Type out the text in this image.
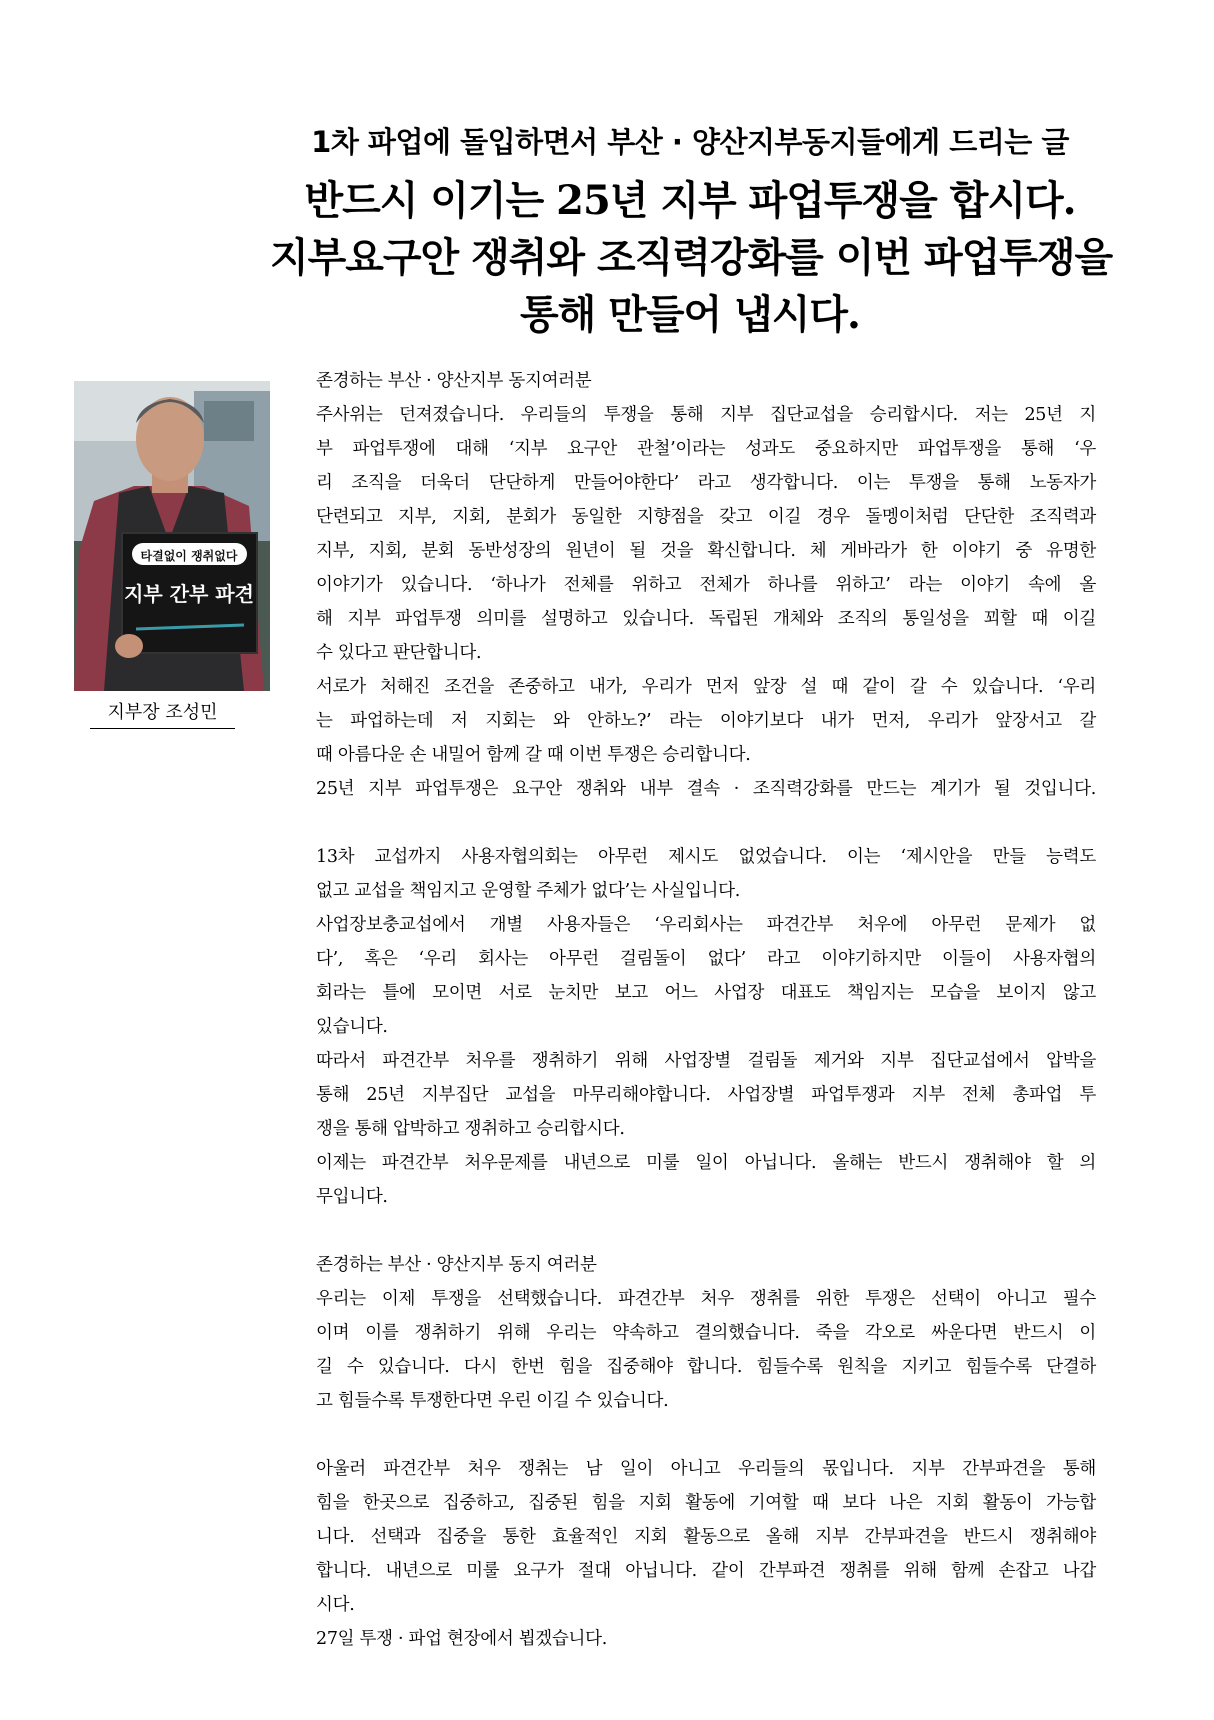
1차 파업에 돌입하면서 부산 · 양산지부동지들에게 드리는 글
반드시 이기는 25년 지부 파업투쟁을 합시다.
지부요구안 쟁취와 조직력강화를 이번 파업투쟁을
통해 만들어 냅시다.
타결없이 쟁취없다
지부 간부 파견
지부장 조성민
존경하는 부산 · 양산지부 동지여러분
주사위는 던져졌습니다. 우리들의 투쟁을 통해 지부 집단교섭을 승리합시다. 저는 25년 지
부 파업투쟁에 대해 ‘지부 요구안 관철’이라는 성과도 중요하지만 파업투쟁을 통해 ‘우
리 조직을 더욱더 단단하게 만들어야한다’ 라고 생각합니다. 이는 투쟁을 통해 노동자가
단련되고 지부, 지회, 분회가 동일한 지향점을 갖고 이길 경우 돌멩이처럼 단단한 조직력과
지부, 지회, 분회 동반성장의 원년이 될 것을 확신합니다. 체 게바라가 한 이야기 중 유명한
이야기가 있습니다. ‘하나가 전체를 위하고 전체가 하나를 위하고’ 라는 이야기 속에 올
해 지부 파업투쟁 의미를 설명하고 있습니다. 독립된 개체와 조직의 통일성을 꾀할 때 이길
수 있다고 판단합니다.
서로가 처해진 조건을 존중하고 내가, 우리가 먼저 앞장 설 때 같이 갈 수 있습니다. ‘우리
는 파업하는데 저 지회는 와 안하노?’ 라는 이야기보다 내가 먼저, 우리가 앞장서고 갈
때 아름다운 손 내밀어 함께 갈 때 이번 투쟁은 승리합니다.
25년 지부 파업투쟁은 요구안 쟁취와 내부 결속 · 조직력강화를 만드는 계기가 될 것입니다.
13차 교섭까지 사용자협의회는 아무런 제시도 없었습니다. 이는 ‘제시안을 만들 능력도
없고 교섭을 책임지고 운영할 주체가 없다’는 사실입니다.
사업장보충교섭에서 개별 사용자들은 ‘우리회사는 파견간부 처우에 아무런 문제가 없
다’, 혹은 ‘우리 회사는 아무런 걸림돌이 없다’ 라고 이야기하지만 이들이 사용자협의
회라는 틀에 모이면 서로 눈치만 보고 어느 사업장 대표도 책임지는 모습을 보이지 않고
있습니다.
따라서 파견간부 처우를 쟁취하기 위해 사업장별 걸림돌 제거와 지부 집단교섭에서 압박을
통해 25년 지부집단 교섭을 마무리해야합니다. 사업장별 파업투쟁과 지부 전체 총파업 투
쟁을 통해 압박하고 쟁취하고 승리합시다.
이제는 파견간부 처우문제를 내년으로 미룰 일이 아닙니다. 올해는 반드시 쟁취해야 할 의
무입니다.
존경하는 부산 · 양산지부 동지 여러분
우리는 이제 투쟁을 선택했습니다. 파견간부 처우 쟁취를 위한 투쟁은 선택이 아니고 필수
이며 이를 쟁취하기 위해 우리는 약속하고 결의했습니다. 죽을 각오로 싸운다면 반드시 이
길 수 있습니다. 다시 한번 힘을 집중해야 합니다. 힘들수록 원칙을 지키고 힘들수록 단결하
고 힘들수록 투쟁한다면 우린 이길 수 있습니다.
아울러 파견간부 처우 쟁취는 남 일이 아니고 우리들의 몫입니다. 지부 간부파견을 통해
힘을 한곳으로 집중하고, 집중된 힘을 지회 활동에 기여할 때 보다 나은 지회 활동이 가능합
니다. 선택과 집중을 통한 효율적인 지회 활동으로 올해 지부 간부파견을 반드시 쟁취해야
합니다. 내년으로 미룰 요구가 절대 아닙니다. 같이 간부파견 쟁취를 위해 함께 손잡고 나갑
시다.
27일 투쟁 · 파업 현장에서 뵙겠습니다.
